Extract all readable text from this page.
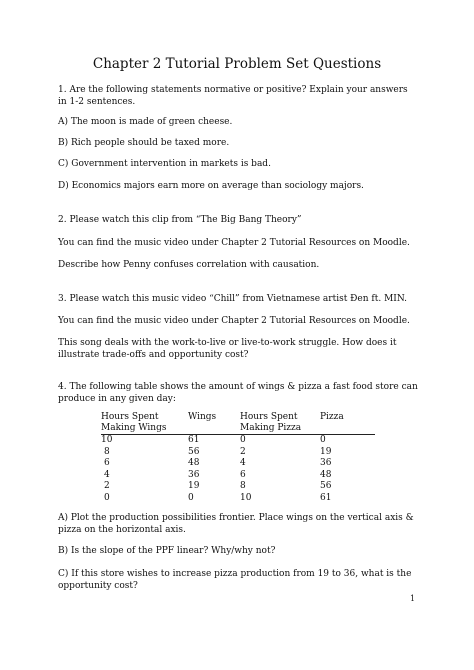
Chapter 2 Tutorial Problem Set Questions

1. Are the following statements normative or positive? Explain your answers in 1-2 sentences.

A) The moon is made of green cheese.

B) Rich people should be taxed more.

C) Government intervention in markets is bad.

D) Economics majors earn more on average than sociology majors.

2. Please watch this clip from “The Big Bang Theory”

You can find the music video under Chapter 2 Tutorial Resources on Moodle.

Describe how Penny confuses correlation with causation.

3. Please watch this music video “Chill” from Vietnamese artist Đen ft. MIN.

You can find the music video under Chapter 2 Tutorial Resources on Moodle.

This song deals with the work-to-live or live-to-work struggle. How does it illustrate trade-offs and opportunity cost?

4. The following table shows the amount of wings & pizza a fast food store can produce in any given day:

Hours Spent Making Wings	Wings	Hours Spent Making Pizza	Pizza
10	61	0	0
8	56	2	19
6	48	4	36
4	36	6	48
2	19	8	56
0	0	10	61

A) Plot the production possibilities frontier. Place wings on the vertical axis & pizza on the horizontal axis.

B) Is the slope of the PPF linear? Why/why not?

C) If this store wishes to increase pizza production from 19 to 36, what is the opportunity cost?

1
